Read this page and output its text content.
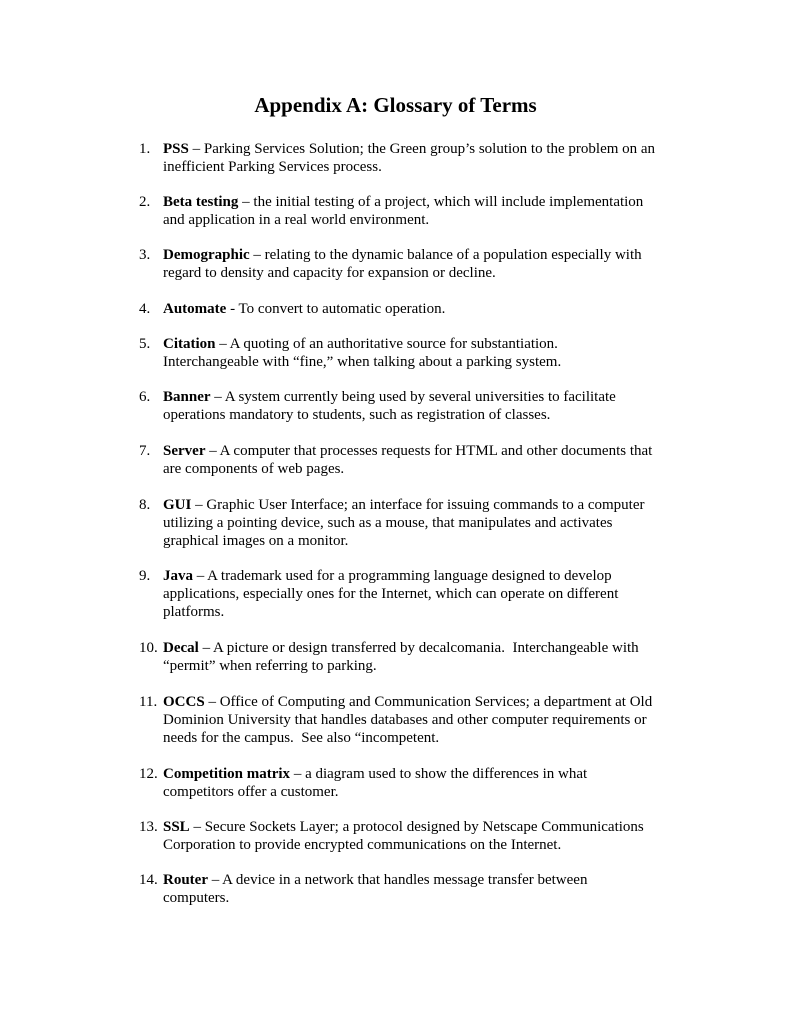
Appendix A: Glossary of Terms
1. PSS – Parking Services Solution; the Green group’s solution to the problem on an
inefficient Parking Services process.
2. Beta testing – the initial testing of a project, which will include implementation
and application in a real world environment.
3. Demographic – relating to the dynamic balance of a population especially with
regard to density and capacity for expansion or decline.
4. Automate - To convert to automatic operation.
5. Citation – A quoting of an authoritative source for substantiation.
Interchangeable with “fine,” when talking about a parking system.
6. Banner – A system currently being used by several universities to facilitate
operations mandatory to students, such as registration of classes.
7. Server – A computer that processes requests for HTML and other documents that
are components of web pages.
8. GUI – Graphic User Interface; an interface for issuing commands to a computer
utilizing a pointing device, such as a mouse, that manipulates and activates
graphical images on a monitor.
9. Java – A trademark used for a programming language designed to develop
applications, especially ones for the Internet, which can operate on different
platforms.
10. Decal – A picture or design transferred by decalcomania.  Interchangeable with
“permit” when referring to parking.
11. OCCS – Office of Computing and Communication Services; a department at Old
Dominion University that handles databases and other computer requirements or
needs for the campus.  See also “incompetent.
12. Competition matrix – a diagram used to show the differences in what
competitors offer a customer.
13. SSL – Secure Sockets Layer; a protocol designed by Netscape Communications
Corporation to provide encrypted communications on the Internet.
14. Router – A device in a network that handles message transfer between
computers.
